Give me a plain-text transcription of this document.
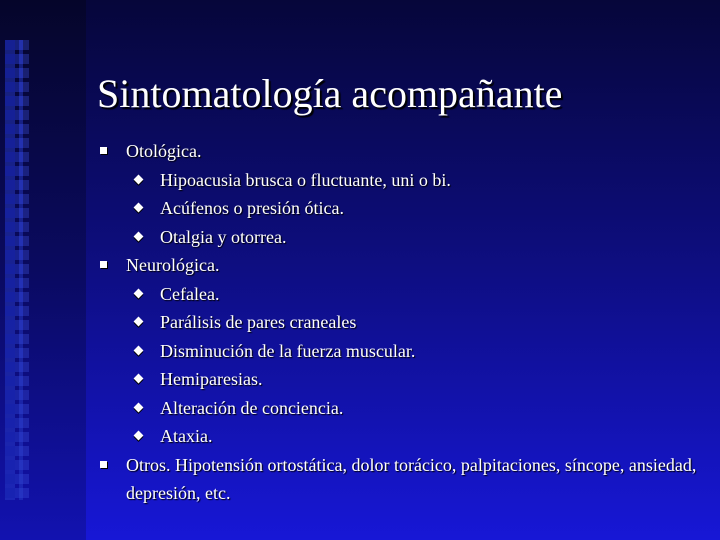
Sintomatología acompañante
Otológica.
Hipoacusia brusca o fluctuante, uni o bi.
Acúfenos o presión ótica.
Otalgia y otorrea.
Neurológica.
Cefalea.
Parálisis de pares craneales
Disminución de la fuerza muscular.
Hemiparesias.
Alteración de conciencia.
Ataxia.
Otros. Hipotensión ortostática, dolor torácico, palpitaciones, síncope, ansiedad, depresión, etc.
